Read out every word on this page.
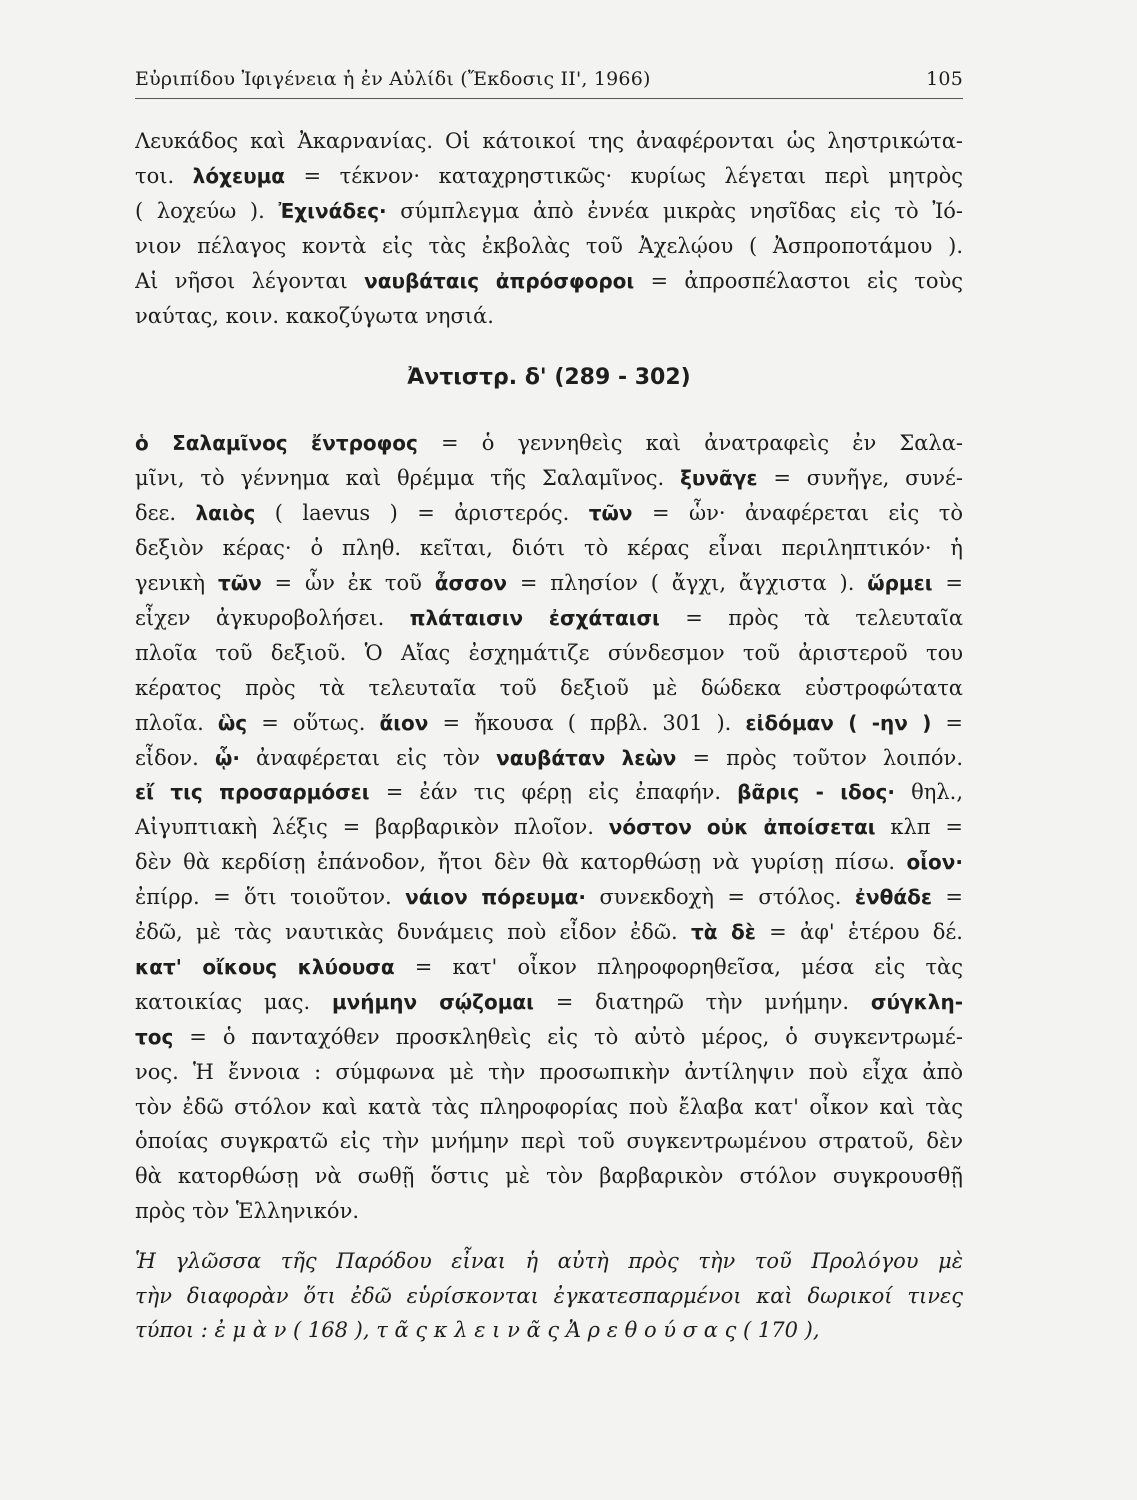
Εὐριπίδου Ἰφιγένεια ἡ ἐν Αὐλίδι (Ἔκδοσις ΙΙ', 1966)	105
Λευκάδος καὶ Ἀκαρνανίας. Οἱ κάτοικοί της ἀναφέρονται ὡς ληστρικώτα-
τοι. λόχευμα = τέκνον· καταχρηστικῶς· κυρίως λέγεται περὶ μητρὸς
( λοχεύω ). Ἐχινάδες· σύμπλεγμα ἀπὸ ἐννέα μικρὰς νησῖδας εἰς τὸ Ἰό-
νιον πέλαγος κοντὰ εἰς τὰς ἐκβολὰς τοῦ Ἀχελῴου ( Ἀσπροποτάμου ).
Αἱ νῆσοι λέγονται ναυβάταις ἀπρόσφοροι = ἀπροσπέλαστοι εἰς τοὺς
ναύτας, κοιν. κακοζύγωτα νησιά.
Ἀντιστρ. δ' (289 - 302)
ὁ Σαλαμῖνος ἔντροφος = ὁ γεννηθεὶς καὶ ἀνατραφεὶς ἐν Σαλα-
μῖνι, τὸ γέννημα καὶ θρέμμα τῆς Σαλαμῖνος. ξυνᾶγε = συνῆγε, συνέ-
δεε. λαιὸς ( laevus ) = ἀριστερός. τῶν = ὧν· ἀναφέρεται εἰς τὸ
δεξιὸν κέρας· ὁ πληθ. κεῖται, διότι τὸ κέρας εἶναι περιληπτικόν· ἡ
γενικὴ τῶν = ὧν ἐκ τοῦ ἆσσον = πλησίον ( ἄγχι, ἄγχιστα ). ὥρμει =
εἶχεν ἀγκυροβολήσει. πλάταισιν ἐσχάταισι = πρὸς τὰ τελευταῖα
πλοῖα τοῦ δεξιοῦ. Ὁ Αἴας ἐσχημάτιζε σύνδεσμον τοῦ ἀριστεροῦ του
κέρατος πρὸς τὰ τελευταῖα τοῦ δεξιοῦ μὲ δώδεκα εὐστροφώτατα
πλοῖα. ὣς = οὕτως. ἄιον = ἤκουσα ( πρβλ. 301 ). εἰδόμαν ( -ην ) =
εἶδον. ᾧ· ἀναφέρεται εἰς τὸν ναυβάταν λεὼν = πρὸς τοῦτον λοιπόν.
εἴ τις προσαρμόσει = ἐάν τις φέρῃ εἰς ἐπαφήν. βᾶρις - ιδος· θηλ.,
Αἰγυπτιακὴ λέξις = βαρβαρικὸν πλοῖον. νόστον οὐκ ἀποίσεται κλπ =
δὲν θὰ κερδίσῃ ἐπάνοδον, ἤτοι δὲν θὰ κατορθώσῃ νὰ γυρίσῃ πίσω. οἷον·
ἐπίρρ. = ὅτι τοιοῦτον. νάιον πόρευμα· συνεκδοχὴ = στόλος. ἐνθάδε =
ἐδῶ, μὲ τὰς ναυτικὰς δυνάμεις ποὺ εἶδον ἐδῶ. τὰ δὲ = ἀφ' ἑτέρου δέ.
κατ' οἴκους κλύουσα = κατ' οἶκον πληροφορηθεῖσα, μέσα εἰς τὰς
κατοικίας μας. μνήμην σῴζομαι = διατηρῶ τὴν μνήμην. σύγκλη-
τος = ὁ πανταχόθεν προσκληθεὶς εἰς τὸ αὐτὸ μέρος, ὁ συγκεντρωμέ-
νος. Ἡ ἔννοια : σύμφωνα μὲ τὴν προσωπικὴν ἀντίληψιν ποὺ εἶχα ἀπὸ
τὸν ἐδῶ στόλον καὶ κατὰ τὰς πληροφορίας ποὺ ἔλαβα κατ' οἶκον καὶ τὰς
ὁποίας συγκρατῶ εἰς τὴν μνήμην περὶ τοῦ συγκεντρωμένου στρατοῦ, δὲν
θὰ κατορθώσῃ νὰ σωθῇ ὅστις μὲ τὸν βαρβαρικὸν στόλον συγκρουσθῇ
πρὸς τὸν Ἑλληνικόν.
Ἡ γλῶσσα τῆς Παρόδου εἶναι ἡ αὐτὴ πρὸς τὴν τοῦ Προλόγου μὲ
τὴν διαφορὰν ὅτι ἐδῶ εὑρίσκονται ἐγκατεσπαρμένοι καὶ δωρικοί τινες
τύποι : ἐ μ ὰ ν ( 168 ), τ ᾶ ς κ λ ε ι ν ᾶ ς Ἀ ρ ε θ ο ύ σ α ς ( 170 ),
